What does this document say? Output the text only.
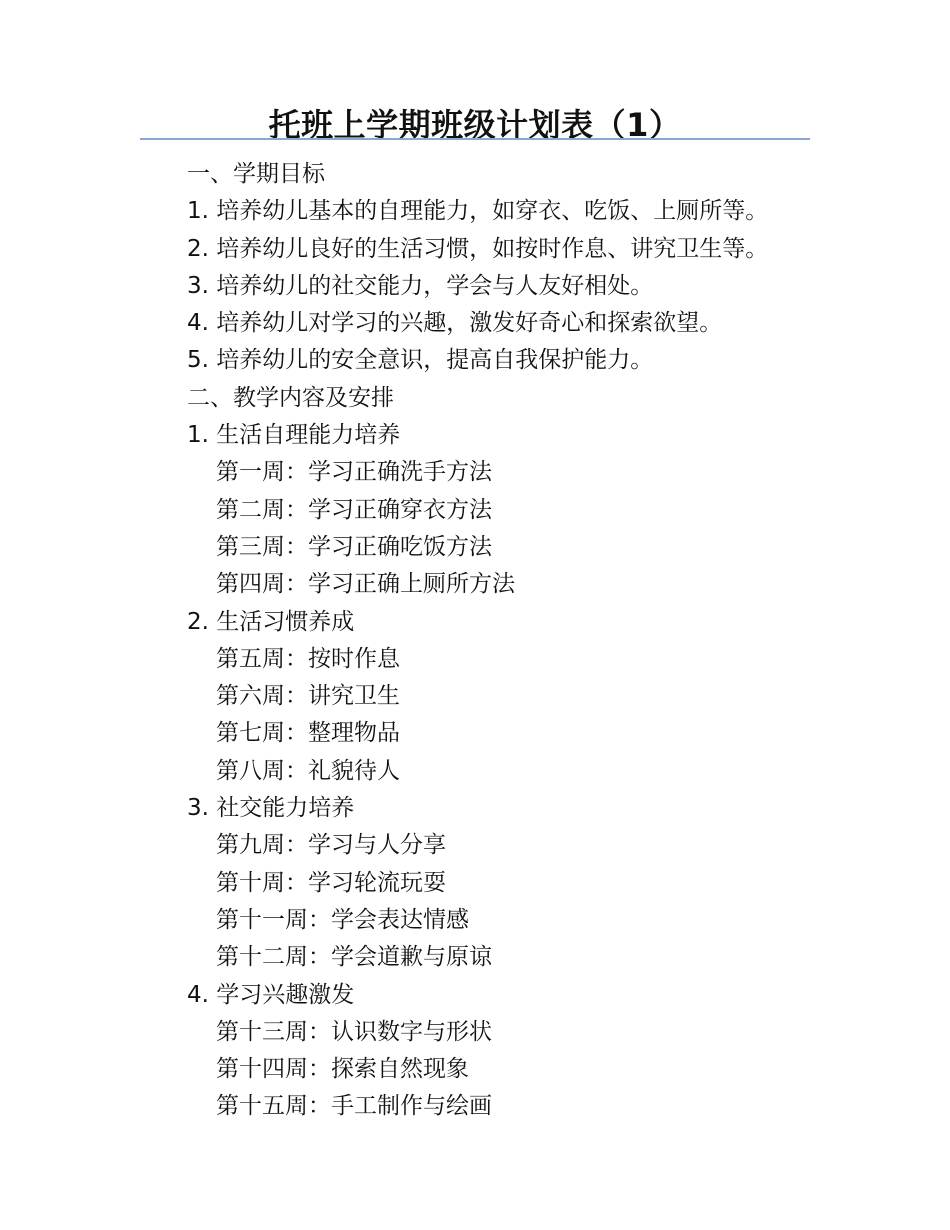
托班上学期班级计划表（1）
一、学期目标
1. 培养幼儿基本的自理能力，如穿衣、吃饭、上厕所等。
2. 培养幼儿良好的生活习惯，如按时作息、讲究卫生等。
3. 培养幼儿的社交能力，学会与人友好相处。
4. 培养幼儿对学习的兴趣，激发好奇心和探索欲望。
5. 培养幼儿的安全意识，提高自我保护能力。
二、教学内容及安排
1. 生活自理能力培养
第一周：学习正确洗手方法
第二周：学习正确穿衣方法
第三周：学习正确吃饭方法
第四周：学习正确上厕所方法
2. 生活习惯养成
第五周：按时作息
第六周：讲究卫生
第七周：整理物品
第八周：礼貌待人
3. 社交能力培养
第九周：学习与人分享
第十周：学习轮流玩耍
第十一周：学会表达情感
第十二周：学会道歉与原谅
4. 学习兴趣激发
第十三周：认识数字与形状
第十四周：探索自然现象
第十五周：手工制作与绘画
